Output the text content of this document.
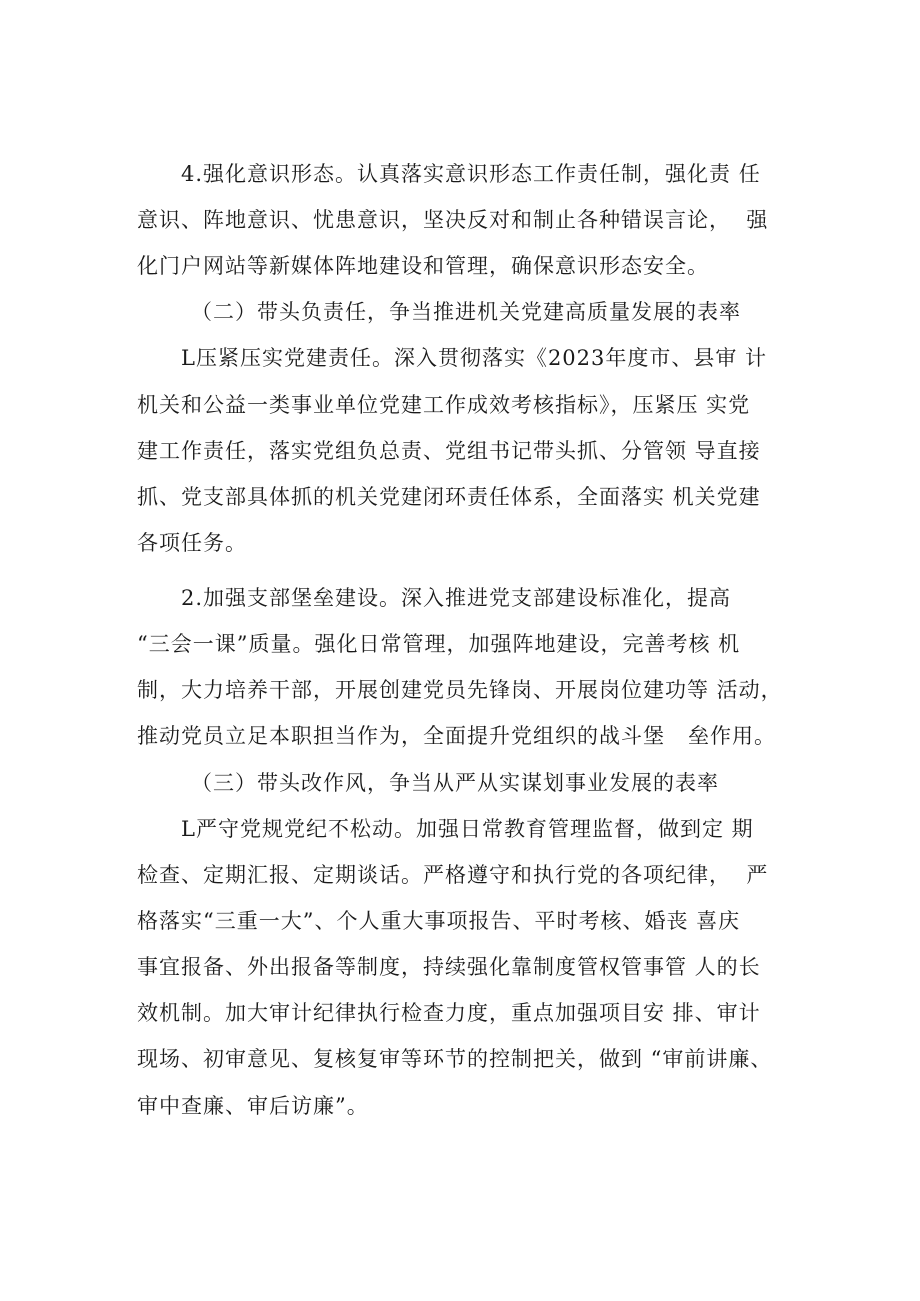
4.强化意识形态。认真落实意识形态工作责任制，强化责 任
意识、阵地意识、忧患意识，坚决反对和制止各种错误言论，  强
化门户网站等新媒体阵地建设和管理，确保意识形态安全。
（二）带头负责任，争当推进机关党建高质量发展的表率
L压紧压实党建责任。深入贯彻落实《2023年度市、县审 计
机关和公益一类事业单位党建工作成效考核指标》，压紧压 实党
建工作责任，落实党组负总责、党组书记带头抓、分管领 导直接
抓、党支部具体抓的机关党建闭环责任体系，全面落实 机关党建
各项任务。
2.加强支部堡垒建设。深入推进党支部建设标准化，提高
“三会一课”质量。强化日常管理，加强阵地建设，完善考核 机
制，大力培养干部，开展创建党员先锋岗、开展岗位建功等 活动，
推动党员立足本职担当作为，全面提升党组织的战斗堡   垒作用。
（三）带头改作风，争当从严从实谋划事业发展的表率
L严守党规党纪不松动。加强日常教育管理监督，做到定 期
检查、定期汇报、定期谈话。严格遵守和执行党的各项纪律，  严
格落实“三重一大”、个人重大事项报告、平时考核、婚丧 喜庆
事宜报备、外出报备等制度，持续强化靠制度管权管事管 人的长
效机制。加大审计纪律执行检查力度，重点加强项目安 排、审计
现场、初审意见、复核复审等环节的控制把关，做到 “审前讲廉、
审中查廉、审后访廉”。
